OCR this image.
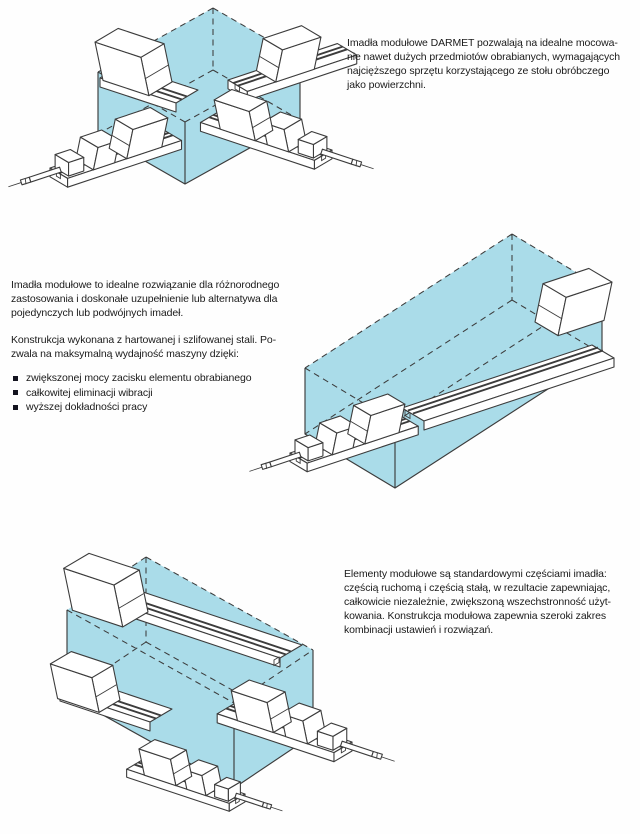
Imadła modułowe DARMET pozwalają na idealne mocowa-
nie nawet dużych przedmiotów obrabianych, wymagających
najcięższego sprzętu korzystającego ze stołu obróbczego
jako powierzchni.
Imadła modułowe to idealne rozwiązanie dla różnorodnego
zastosowania i doskonałe uzupełnienie lub alternatywa dla
pojedynczych lub podwójnych imadeł.
Konstrukcja wykonana z hartowanej i szlifowanej stali. Po-
zwala na maksymalną wydajność maszyny dzięki:
zwiększonej mocy zacisku elementu obrabianego
całkowitej eliminacji wibracji
wyższej dokładności pracy
Elementy modułowe są standardowymi częściami imadła:
częścią ruchomą i częścią stałą, w rezultacie zapewniając,
całkowicie niezależnie, zwiększoną wszechstronność użyt-
kowania. Konstrukcja modułowa zapewnia szeroki zakres
kombinacji ustawień i rozwiązań.
